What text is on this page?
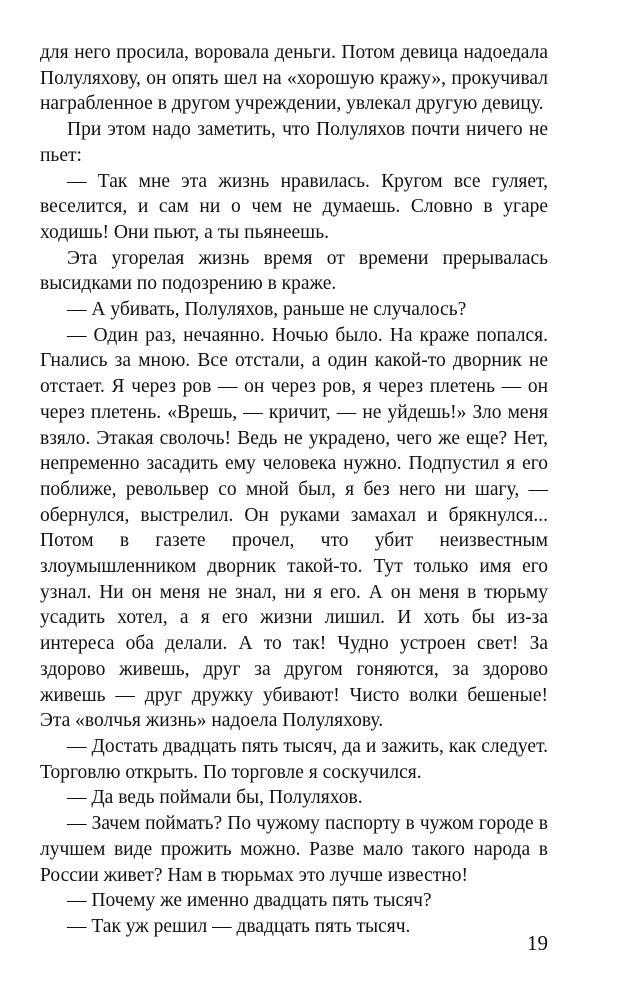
для него просила, воровала деньги. Потом девица надоедала Полуляхову, он опять шел на «хорошую кражу», прокучивал награбленное в другом учреждении, увлекал другую девицу.

При этом надо заметить, что Полуляхов почти ничего не пьет:

— Так мне эта жизнь нравилась. Кругом все гуляет, веселится, и сам ни о чем не думаешь. Словно в угаре ходишь! Они пьют, а ты пьянеешь.

Эта угорелая жизнь время от времени прерывалась высидками по подозрению в краже.

— А убивать, Полуляхов, раньше не случалось?

— Один раз, нечаянно. Ночью было. На краже попался. Гнались за мною. Все отстали, а один какой-то дворник не отстает. Я через ров — он через ров, я через плетень — он через плетень. «Врешь, — кричит, — не уйдешь!» Зло меня взяло. Этакая сволочь! Ведь не украдено, чего же еще? Нет, непременно засадить ему человека нужно. Подпустил я его поближе, револьвер со мной был, я без него ни шагу, — обернулся, выстрелил. Он руками замахал и брякнулся... Потом в газете прочел, что убит неизвестным злоумышленником дворник такой-то. Тут только имя его узнал. Ни он меня не знал, ни я его. А он меня в тюрьму усадить хотел, а я его жизни лишил. И хоть бы из-за интереса оба делали. А то так! Чудно устроен свет! За здорово живешь, друг за другом гоняются, за здорово живешь — друг дружку убивают! Чисто волки бешеные! Эта «волчья жизнь» надоела Полуляхову.

— Достать двадцать пять тысяч, да и зажить, как следует. Торговлю открыть. По торговле я соскучился.

— Да ведь поймали бы, Полуляхов.

— Зачем поймать? По чужому паспорту в чужом городе в лучшем виде прожить можно. Разве мало такого народа в России живет? Нам в тюрьмах это лучше известно!

— Почему же именно двадцать пять тысяч?

— Так уж решил — двадцать пять тысяч.

19
